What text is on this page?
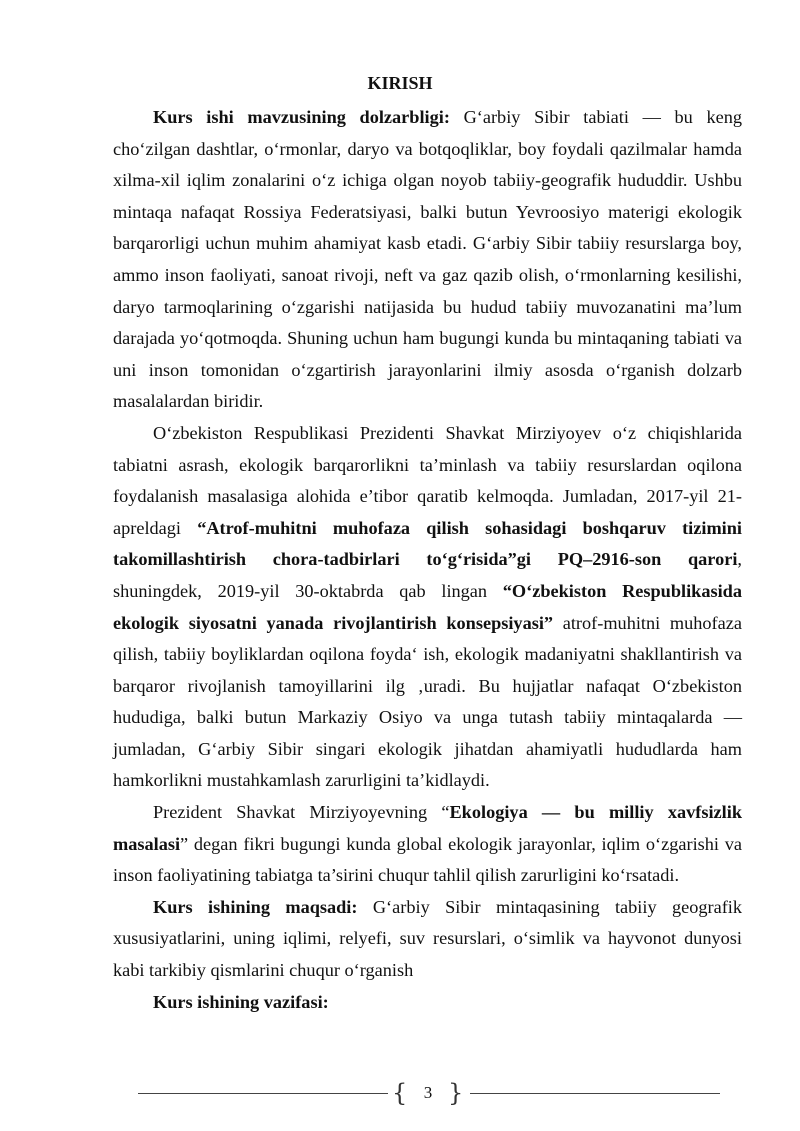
KIRISH

Kurs ishi mavzusining dolzarbligi: G‘arbiy Sibir tabiati — bu keng cho‘zilgan dashtlar, o‘rmonlar, daryo va botqoqliklar, boy foydali qazilmalar hamda xilma-xil iqlim zonalarini o‘z ichiga olgan noyob tabiiy-geografik hududdir. Ushbu mintaqa nafaqat Rossiya Federatsiyasi, balki butun Yevroosiyo materigi ekologik barqarorligi uchun muhim ahamiyat kasb etadi. G‘arbiy Sibir tabiiy resurslarga boy, ammo inson faoliyati, sanoat rivoji, neft va gaz qazib olish, o‘rmonlarning kesilishi, daryo tarmoqlarining o‘zgarishi natijasida bu hudud tabiiy muvozanatini ma’lum darajada yo‘qotmoqda. Shuning uchun ham bugungi kunda bu mintaqaning tabiati va uni inson tomonidan o‘zgartirish jarayonlarini ilmiy asosda o‘rganish dolzarb masalalardan biridir.

O‘zbekiston Respublikasi Prezidenti Shavkat Mirziyoyev o‘z chiqishlarida tabiatni asrash, ekologik barqarorlikni ta’minlash va tabiiy resurslardan oqilona foydalanish masalasiga alohida e’tibor qaratib kelmoqda. Jumladan, 2017-yil 21-apreldagi “Atrof-muhitni muhofaza qilish sohasidagi boshqaruv tizimini takomillashtirish chora-tadbirlari to‘g‘risida”gi PQ–2916-son qarori, shuningdek, 2019-yil 30-oktabrda qab lingan “O‘zbekiston Respublikasida ekologik siyosatni yanada rivojlantirish konsepsiyasi” atrof-muhitni muhofaza qilish, tabiiy boyliklardan oqilona foydа‘ ish, ekologik madaniyatni shakllantirish va barqaror rivojlanish tamoyillarini ilg ‚uradi. Bu hujjatlar nafaqat O‘zbekiston hududiga, balki butun Markaziy Osiyo va unga tutash tabiiy mintaqalarda — jumladan, G‘arbiy Sibir singari ekologik jihatdan ahamiyatli hududlarda ham hamkorlikni mustahkamlash zarurligini ta’kidlaydi.

Prezident Shavkat Mirziyoyevning “Ekologiya — bu milliy xavfsizlik masalasi” degan fikri bugungi kunda global ekologik jarayonlar, iqlim o‘zgarishi va inson faoliyatining tabiatga ta’sirini chuqur tahlil qilish zarurligini ko‘rsatadi.

Kurs ishining maqsadi: G‘arbiy Sibir mintaqasining tabiiy geografik xususiyatlarini, uning iqlimi, relyefi, suv resurslari, o‘simlik va hayvonot dunyosi kabi tarkibiy qismlarini chuqur o‘rganish

Kurs ishining vazifasi:

{ 3 }
